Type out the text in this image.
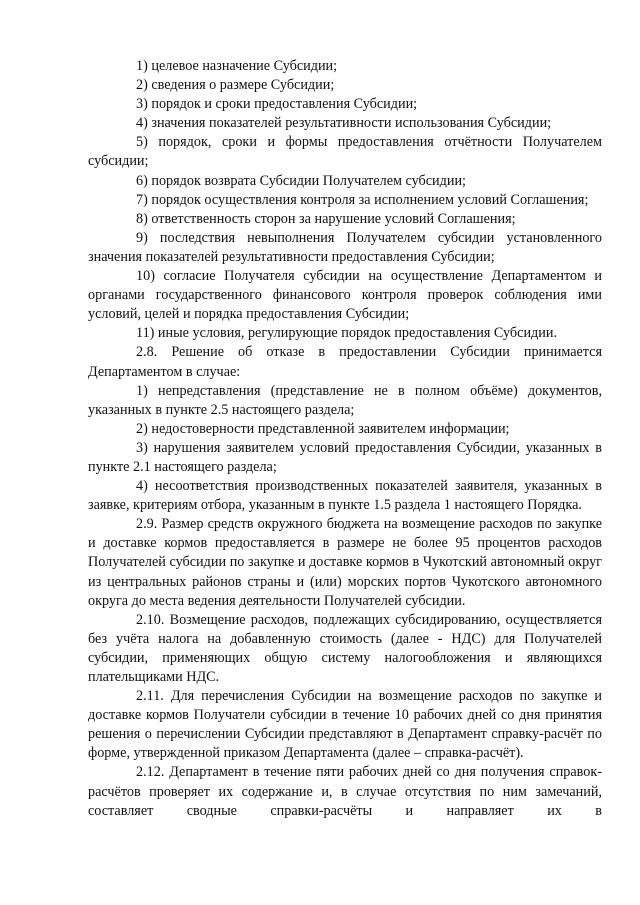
1) целевое назначение Субсидии;

2) сведения о размере Субсидии;

3) порядок и сроки предоставления Субсидии;

4) значения показателей результативности использования Субсидии;

5) порядок, сроки и формы предоставления отчётности Получателем субсидии;

6) порядок возврата Субсидии Получателем субсидии;

7) порядок осуществления контроля за исполнением условий Соглашения;

8) ответственность сторон за нарушение условий Соглашения;

9) последствия невыполнения Получателем субсидии установленного значения показателей результативности предоставления Субсидии;

10) согласие Получателя субсидии на осуществление Департаментом и органами государственного финансового контроля проверок соблюдения ими условий, целей и порядка предоставления Субсидии;

11) иные условия, регулирующие порядок предоставления Субсидии.

2.8. Решение об отказе в предоставлении Субсидии принимается Департаментом в случае:

1) непредставления (представление не в полном объёме) документов, указанных в пункте 2.5 настоящего раздела;

2) недостоверности представленной заявителем информации;

3) нарушения заявителем условий предоставления Субсидии, указанных в пункте 2.1 настоящего раздела;

4) несоответствия производственных показателей заявителя, указанных в заявке, критериям отбора, указанным в пункте 1.5 раздела 1 настоящего Порядка.

2.9. Размер средств окружного бюджета на возмещение расходов по закупке и доставке кормов предоставляется в размере не более 95 процентов расходов Получателей субсидии по закупке и доставке кормов в Чукотский автономный округ из центральных районов страны и (или) морских портов Чукотского автономного округа до места ведения деятельности Получателей субсидии.

2.10. Возмещение расходов, подлежащих субсидированию, осуществляется без учёта налога на добавленную стоимость (далее - НДС) для Получателей субсидии, применяющих общую систему налогообложения и являющихся плательщиками НДС.

2.11. Для перечисления Субсидии на возмещение расходов по закупке и доставке кормов Получатели субсидии в течение 10 рабочих дней со дня принятия решения о перечислении Субсидии представляют в Департамент справку-расчёт по форме, утвержденной приказом Департамента (далее – справка-расчёт).

2.12. Департамент в течение пяти рабочих дней со дня получения справок-расчётов проверяет их содержание и, в случае отсутствия по ним замечаний, составляет сводные справки-расчёты и направляет их в
